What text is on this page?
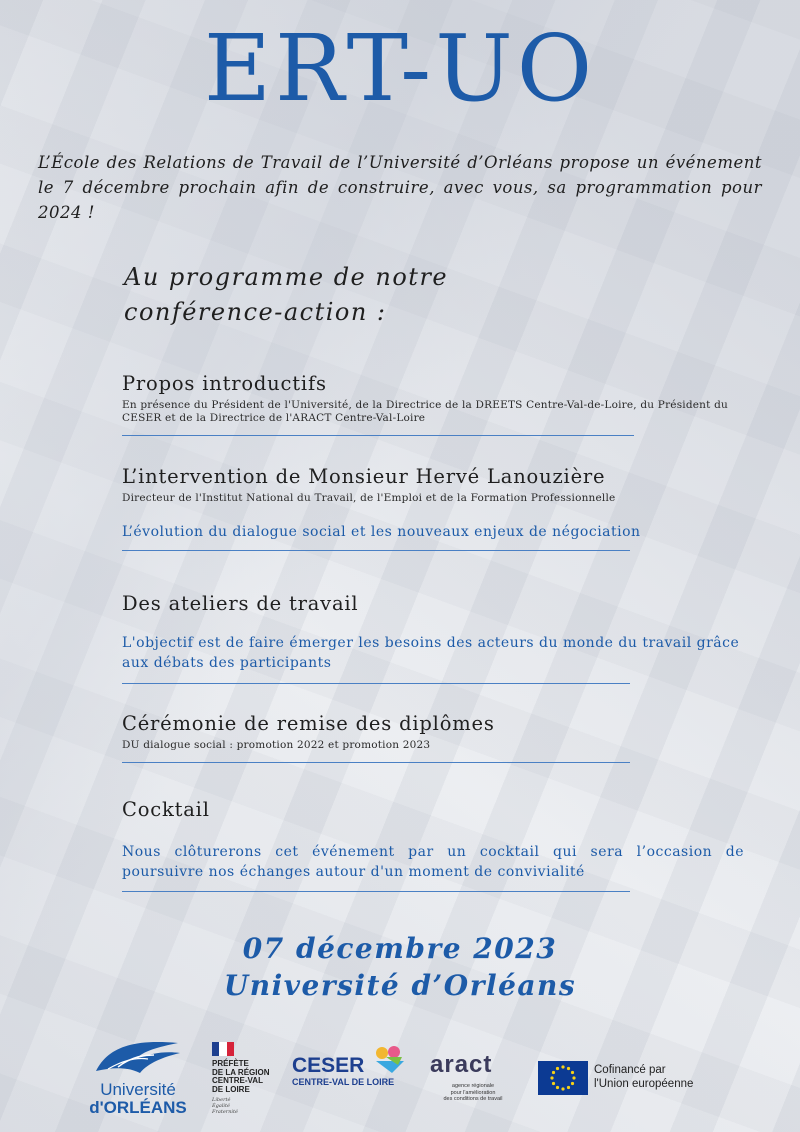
ERT-UO

L’École des Relations de Travail de l’Université d’Orléans propose un événement le 7 décembre prochain afin de construire, avec vous, sa programmation pour 2024 !

Au programme de notre
conférence-action :
Propos introductifs
En présence du Président de l'Université, de la Directrice de la DREETS Centre-Val-de-Loire, du Président du CESER et de la Directrice de l'ARACT Centre-Val-Loire
L’intervention de Monsieur Hervé Lanouzière
Directeur de l'Institut National du Travail, de l'Emploi et de la Formation Professionnelle
L’évolution du dialogue social et les nouveaux enjeux de négociation
Des ateliers de travail
L'objectif est de faire émerger les besoins des acteurs du monde du travail grâce aux débats des participants
Cérémonie de remise des diplômes
DU dialogue social : promotion 2022 et promotion 2023
Cocktail
Nous clôturerons cet événement par un cocktail qui sera l’occasion de poursuivre nos échanges autour d'un moment de convivialité
07 décembre 2023
Université d’Orléans
Université
d'ORLÉANS
PRÉFÈTE
DE LA RÉGION
CENTRE-VAL
DE LOIRE
Liberté
Égalité
Fraternité
CESER
CENTRE-VAL DE LOIRE
aract
agence régionale
pour l'amélioration
des conditions de travail
Cofinancé par
l'Union européenne
